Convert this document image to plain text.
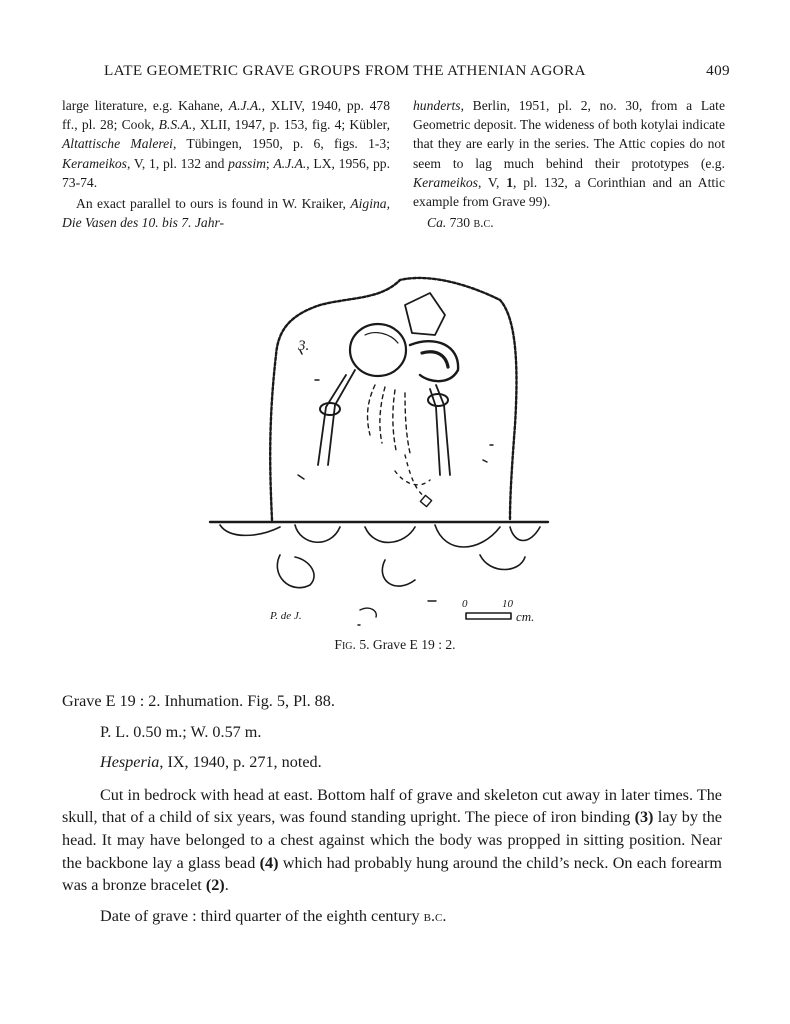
LATE GEOMETRIC GRAVE GROUPS FROM THE ATHENIAN AGORA	409

large literature, e.g. Kahane, A.J.A., XLIV, 1940, pp. 478 ff., pl. 28; Cook, B.S.A., XLII, 1947, p. 153, fig. 4; Kübler, Altattische Malerei, Tübingen, 1950, p. 6, figs. 1-3; Kerameikos, V, 1, pl. 132 and passim; A.J.A., LX, 1956, pp. 73-74.

An exact parallel to ours is found in W. Kraiker, Aigina, Die Vasen des 10. bis 7. Jahr-

hunderts, Berlin, 1951, pl. 2, no. 30, from a Late Geometric deposit. The wideness of both kotylai indicate that they are early in the series. The Attic copies do not seem to lag much behind their prototypes (e.g. Kerameikos, V, 1, pl. 132, a Corinthian and an Attic example from Grave 99).

Ca. 730 b.c.
3.
P. de J.
0	10
cm.
Fig. 5. Grave E 19 : 2.

Grave E 19 : 2. Inhumation. Fig. 5, Pl. 88.

P. L. 0.50 m.; W. 0.57 m.

Hesperia, IX, 1940, p. 271, noted.

Cut in bedrock with head at east. Bottom half of grave and skeleton cut away in later times. The skull, that of a child of six years, was found standing upright. The piece of iron binding (3) lay by the head. It may have belonged to a chest against which the body was propped in sitting position. Near the backbone lay a glass bead (4) which had probably hung around the child’s neck. On each forearm was a bronze bracelet (2).

Date of grave : third quarter of the eighth century b.c.
